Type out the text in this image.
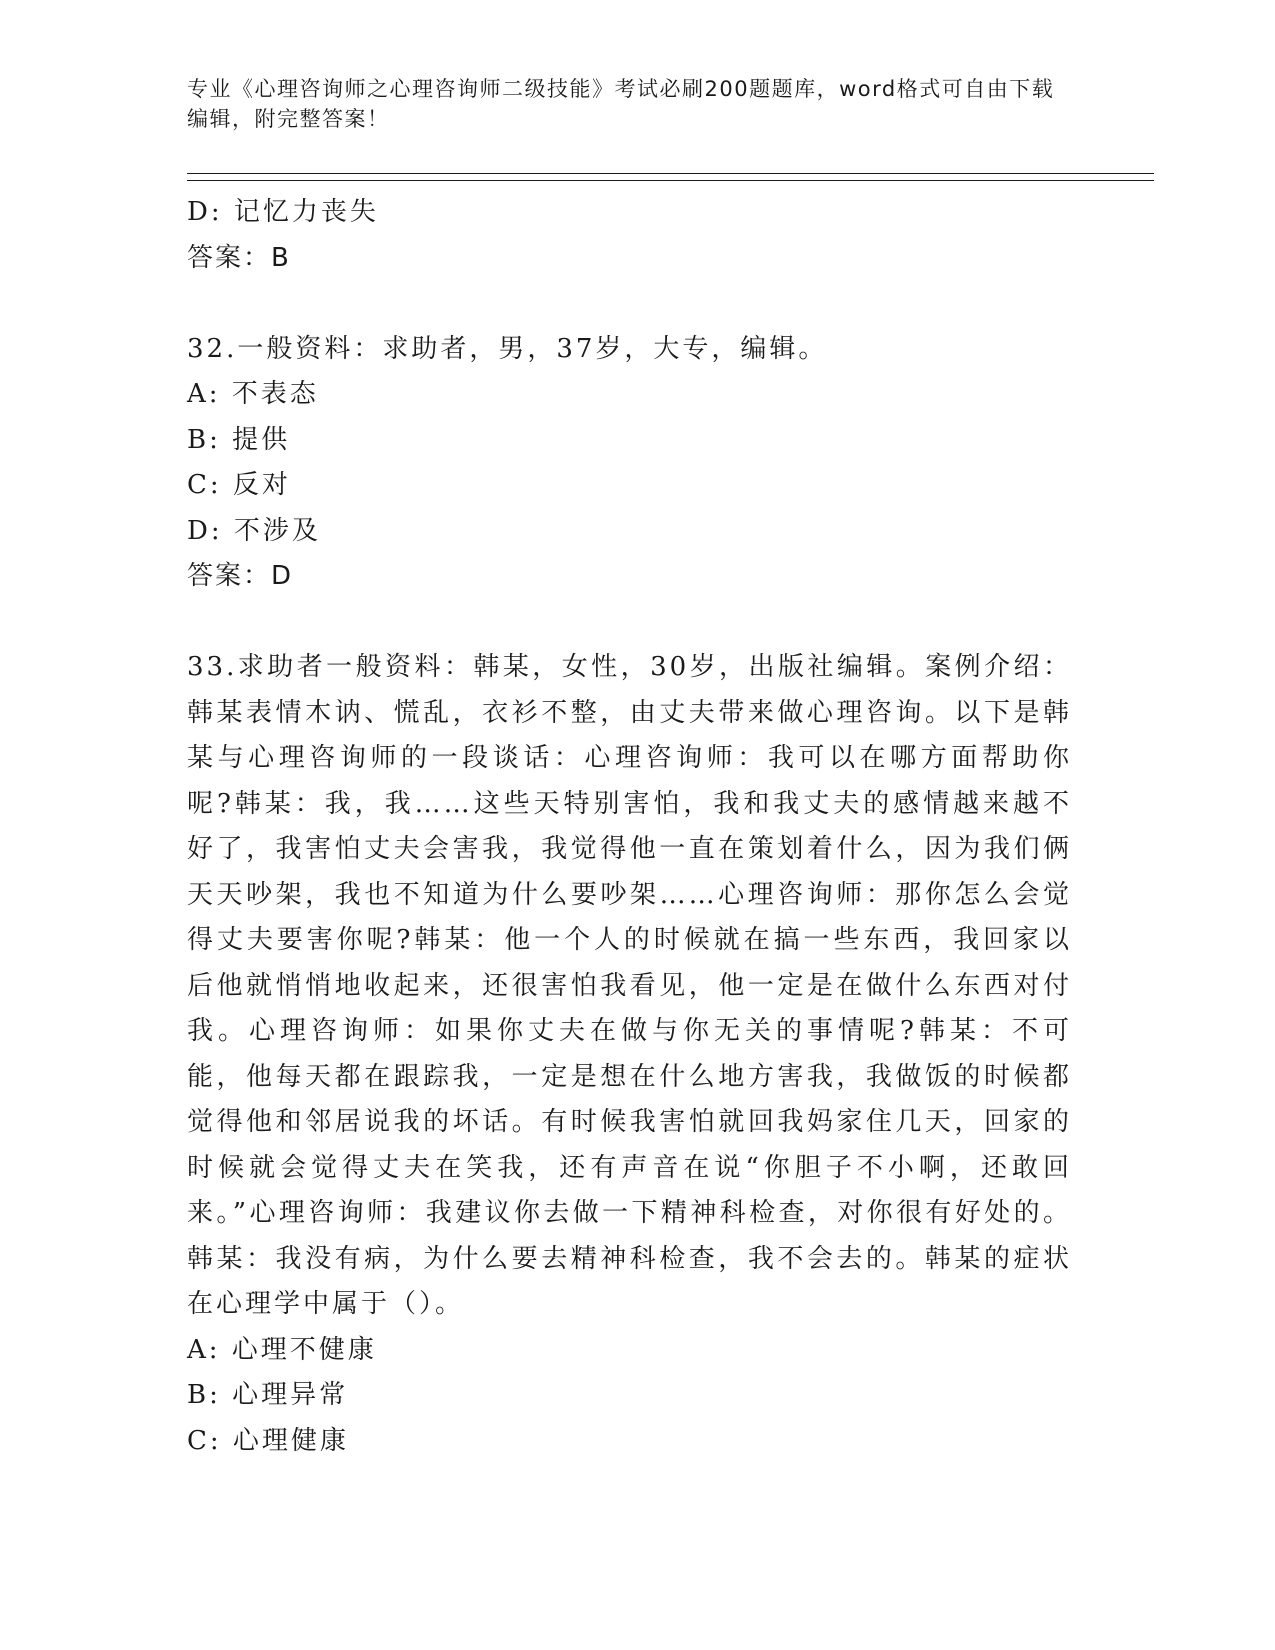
专业《心理咨询师之心理咨询师二级技能》考试必刷200题题库，word格式可自由下载编辑，附完整答案！
D: 记忆力丧失
答案：B
32.一般资料：求助者，男，37岁，大专，编辑。
A: 不表态
B: 提供
C: 反对
D: 不涉及
答案：D
33.求助者一般资料：韩某，女性，30岁，出版社编辑。案例介绍：韩某表情木讷、慌乱，衣衫不整，由丈夫带来做心理咨询。以下是韩某与心理咨询师的一段谈话：心理咨询师：我可以在哪方面帮助你呢?韩某：我，我……这些天特别害怕，我和我丈夫的感情越来越不好了，我害怕丈夫会害我，我觉得他一直在策划着什么，因为我们俩天天吵架，我也不知道为什么要吵架……心理咨询师：那你怎么会觉得丈夫要害你呢?韩某：他一个人的时候就在搞一些东西，我回家以后他就悄悄地收起来，还很害怕我看见，他一定是在做什么东西对付我。心理咨询师：如果你丈夫在做与你无关的事情呢?韩某：不可能，他每天都在跟踪我，一定是想在什么地方害我，我做饭的时候都觉得他和邻居说我的坏话。有时候我害怕就回我妈家住几天，回家的时候就会觉得丈夫在笑我，还有声音在说“你胆子不小啊，还敢回来。”心理咨询师：我建议你去做一下精神科检查，对你很有好处的。韩某：我没有病，为什么要去精神科检查，我不会去的。韩某的症状在心理学中属于（）。
A: 心理不健康
B: 心理异常
C: 心理健康
